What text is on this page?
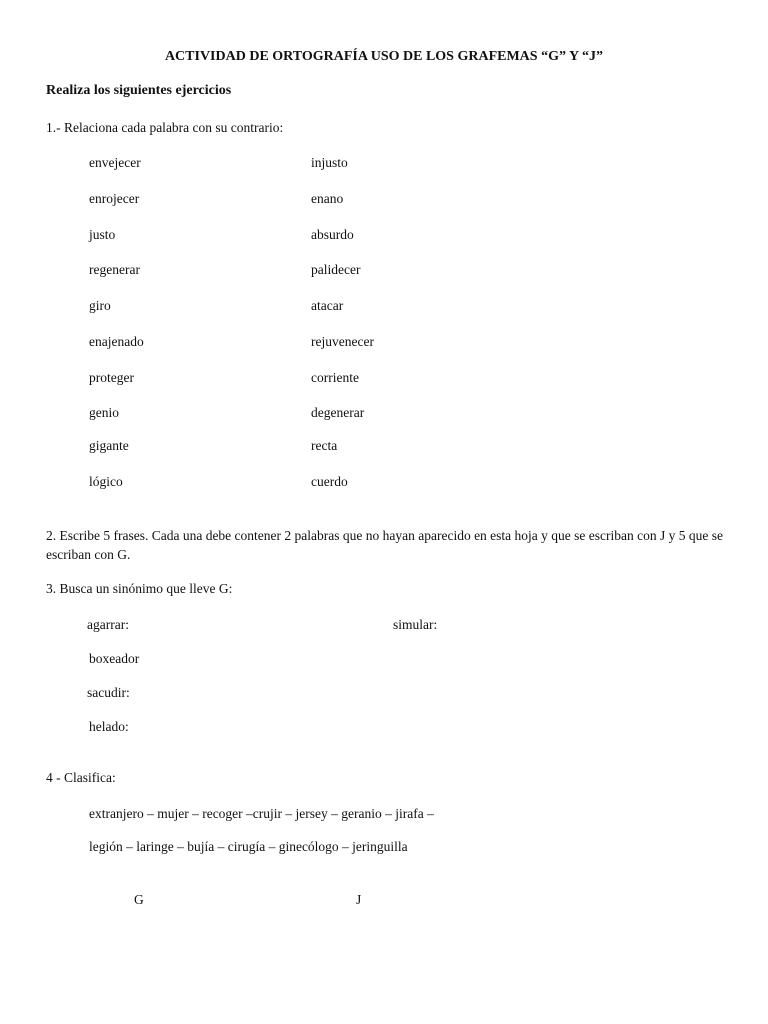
ACTIVIDAD DE ORTOGRAFÍA USO DE LOS GRAFEMAS “G” Y “J”
Realiza los siguientes ejercicios
1.- Relaciona cada palabra con su contrario:
envejecer
enrojecer
justo
regenerar
giro
enajenado
proteger
genio
gigante
lógico
injusto
enano
absurdo
palidecer
atacar
rejuvenecer
corriente
degenerar
recta
cuerdo
2. Escribe 5 frases. Cada una debe contener 2 palabras que no hayan aparecido en esta hoja y que se escriban con J y 5 que se escriban con G.
3. Busca un sinónimo que lleve G:
agarrar:	simular:
boxeador
sacudir:
helado:
4 - Clasifica:
extranjero – mujer – recoger –crujir – jersey – geranio – jirafa –
legión – laringe – bujía – cirugía – ginecólogo – jeringuilla
G	J
